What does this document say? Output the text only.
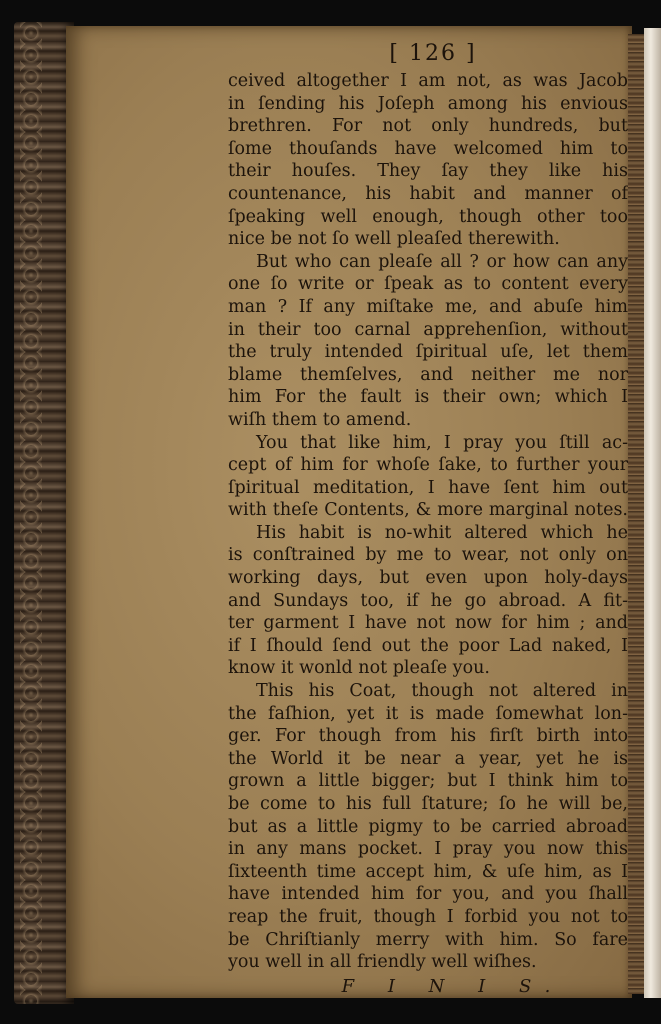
[ 126 ]
ceived altogether I am not, as was Jacob
in ſending his Joſeph among his envious
brethren. For not only hundreds, but
ſome thouſands have welcomed him to
their houſes. They ſay they like his
countenance, his habit and manner of
ſpeaking well enough, though other too
nice be not ſo well pleaſed therewith.
But who can pleaſe all ? or how can any
one ſo write or ſpeak as to content every
man ? If any miſtake me, and abuſe him
in their too carnal apprehenſion, without
the truly intended ſpiritual uſe, let them
blame themſelves, and neither me nor
him For the fault is their own; which I
wiſh them to amend.
You that like him, I pray you ſtill ac-
cept of him for whoſe ſake, to further your
ſpiritual meditation, I have ſent him out
with theſe Contents, & more marginal notes.
His habit is no-whit altered which he
is conſtrained by me to wear, not only on
working days, but even upon holy-days
and Sundays too, if he go abroad. A fit-
ter garment I have not now for him ; and
if I ſhould ſend out the poor Lad naked, I
know it wonld not pleaſe you.
This his Coat, though not altered in
the faſhion, yet it is made ſomewhat lon-
ger. For though from his firſt birth into
the World it be near a year, yet he is
grown a little bigger; but I think him to
be come to his full ſtature; ſo he will be,
but as a little pigmy to be carried abroad
in any mans pocket. I pray you now this
ſixteenth time accept him, & uſe him, as I
have intended him for you, and you ſhall
reap the fruit, though I forbid you not to
be Chriſtianly merry with him. So fare
you well in all friendly well wiſhes.
F I N I S.
